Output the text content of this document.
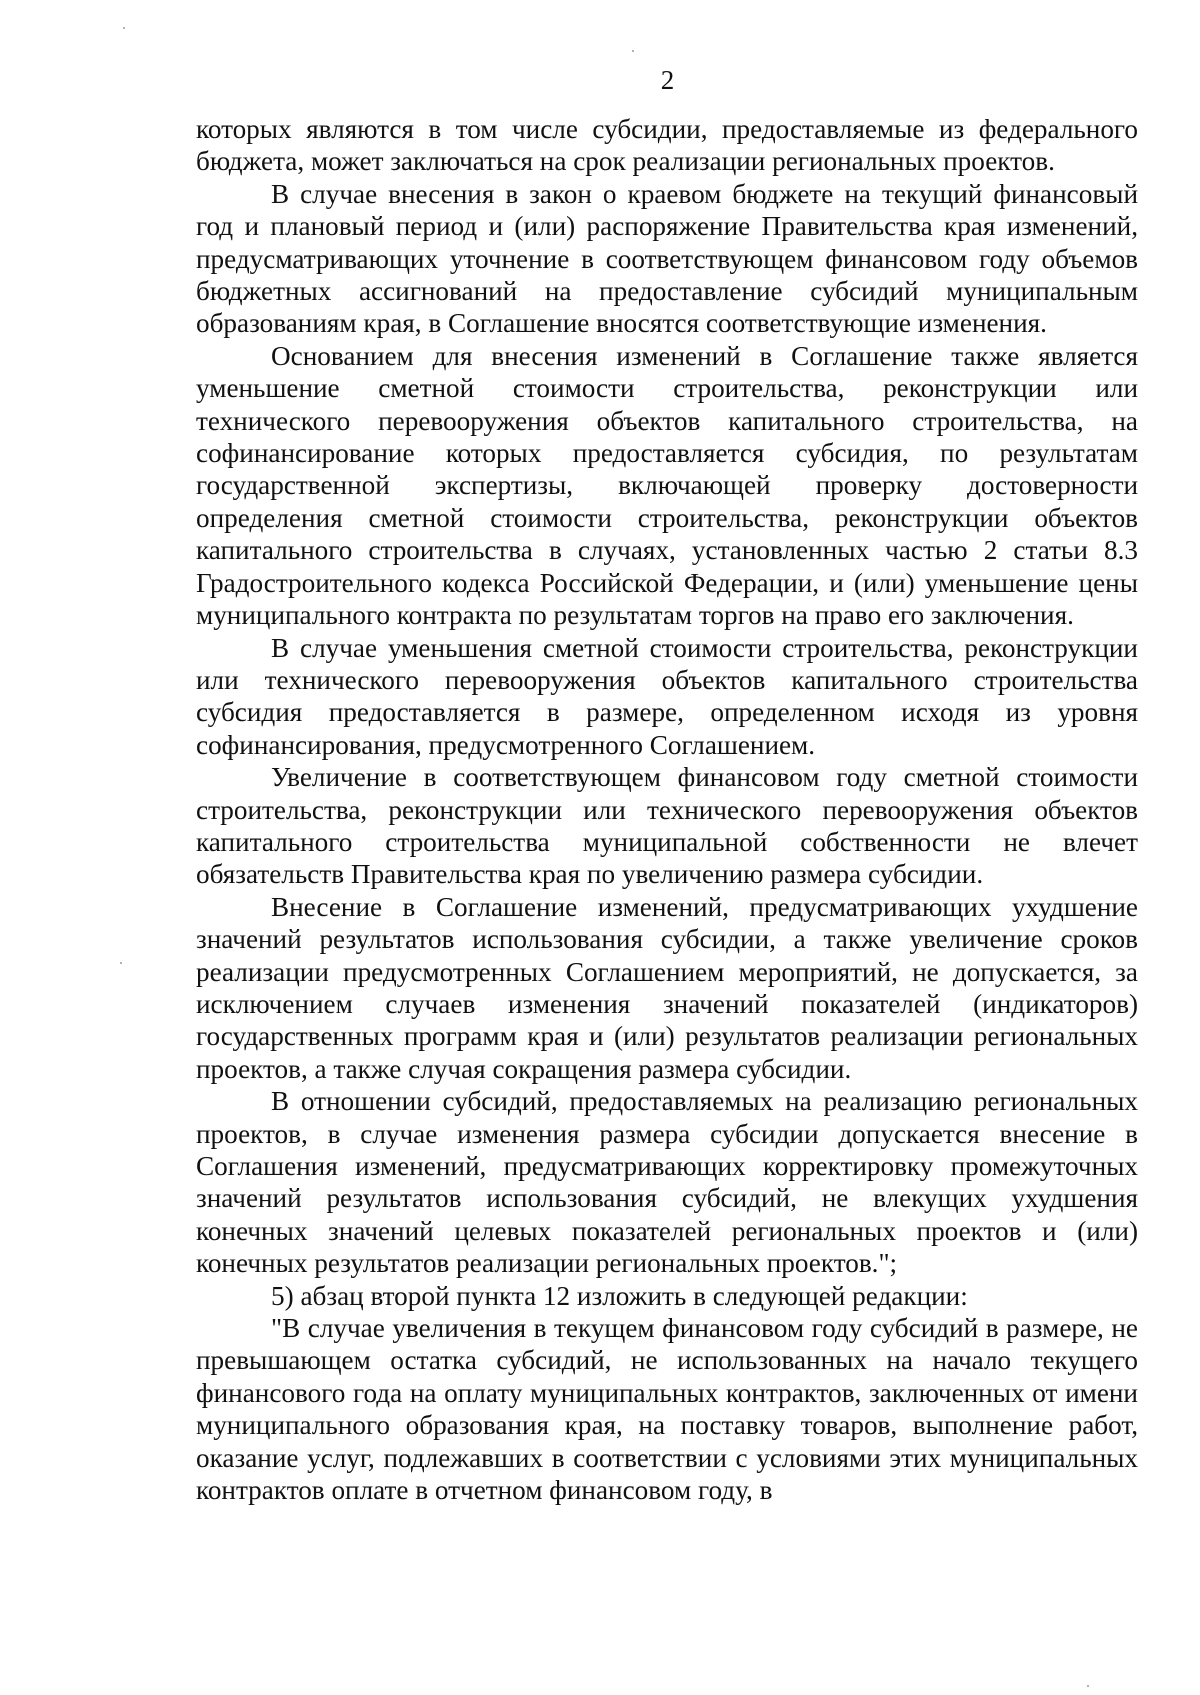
2

которых являются в том числе субсидии, предоставляемые из федерального бюджета, может заключаться на срок реализации региональных проектов.

В случае внесения в закон о краевом бюджете на текущий финансовый год и плановый период и (или) распоряжение Правительства края изменений, предусматривающих уточнение в соответствующем финансовом году объемов бюджетных ассигнований на предоставление субсидий муниципальным образованиям края, в Соглашение вносятся соответствующие изменения.

Основанием для внесения изменений в Соглашение также является уменьшение сметной стоимости строительства, реконструкции или технического перевооружения объектов капитального строительства, на софинансирование которых предоставляется субсидия, по результатам государственной экспертизы, включающей проверку достоверности определения сметной стоимости строительства, реконструкции объектов капитального строительства в случаях, установленных частью 2 статьи 8.3 Градостроительного кодекса Российской Федерации, и (или) уменьшение цены муниципального контракта по результатам торгов на право его заключения.

В случае уменьшения сметной стоимости строительства, реконструкции или технического перевооружения объектов капитального строительства субсидия предоставляется в размере, определенном исходя из уровня софинансирования, предусмотренного Соглашением.

Увеличение в соответствующем финансовом году сметной стоимости строительства, реконструкции или технического перевооружения объектов капитального строительства муниципальной собственности не влечет обязательств Правительства края по увеличению размера субсидии.

Внесение в Соглашение изменений, предусматривающих ухудшение значений результатов использования субсидии, а также увеличение сроков реализации предусмотренных Соглашением мероприятий, не допускается, за исключением случаев изменения значений показателей (индикаторов) государственных программ края и (или) результатов реализации региональных проектов, а также случая сокращения размера субсидии.

В отношении субсидий, предоставляемых на реализацию региональных проектов, в случае изменения размера субсидии допускается внесение в Соглашения изменений, предусматривающих корректировку промежуточных значений результатов использования субсидий, не влекущих ухудшения конечных значений целевых показателей региональных проектов и (или) конечных результатов реализации региональных проектов.";

5) абзац второй пункта 12 изложить в следующей редакции:

"В случае увеличения в текущем финансовом году субсидий в размере, не превышающем остатка субсидий, не использованных на начало текущего финансового года на оплату муниципальных контрактов, заключенных от имени муниципального образования края, на поставку товаров, выполнение работ, оказание услуг, подлежавших в соответствии с условиями этих муниципальных контрактов оплате в отчетном финансовом году, в
